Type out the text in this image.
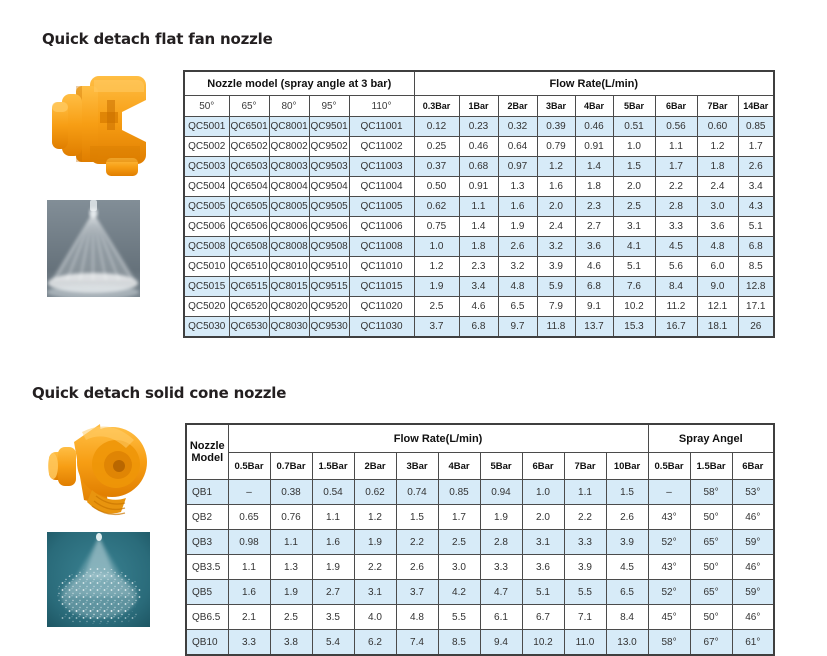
Quick detach flat fan nozzle
Nozzle model (spray angle at 3 bar)					Flow Rate(L/min)								
50°	65°	80°	95°	110°	0.3Bar	1Bar	2Bar	3Bar	4Bar	5Bar	6Bar	7Bar	14Bar
QC5001	QC6501	QC8001	QC9501	QC11001	0.12	0.23	0.32	0.39	0.46	0.51	0.56	0.60	0.85
QC5002	QC6502	QC8002	QC9502	QC11002	0.25	0.46	0.64	0.79	0.91	1.0	1.1	1.2	1.7
QC5003	QC6503	QC8003	QC9503	QC11003	0.37	0.68	0.97	1.2	1.4	1.5	1.7	1.8	2.6
QC5004	QC6504	QC8004	QC9504	QC11004	0.50	0.91	1.3	1.6	1.8	2.0	2.2	2.4	3.4
QC5005	QC6505	QC8005	QC9505	QC11005	0.62	1.1	1.6	2.0	2.3	2.5	2.8	3.0	4.3
QC5006	QC6506	QC8006	QC9506	QC11006	0.75	1.4	1.9	2.4	2.7	3.1	3.3	3.6	5.1
QC5008	QC6508	QC8008	QC9508	QC11008	1.0	1.8	2.6	3.2	3.6	4.1	4.5	4.8	6.8
QC5010	QC6510	QC8010	QC9510	QC11010	1.2	2.3	3.2	3.9	4.6	5.1	5.6	6.0	8.5
QC5015	QC6515	QC8015	QC9515	QC11015	1.9	3.4	4.8	5.9	6.8	7.6	8.4	9.0	12.8
QC5020	QC6520	QC8020	QC9520	QC11020	2.5	4.6	6.5	7.9	9.1	10.2	11.2	12.1	17.1
QC5030	QC6530	QC8030	QC9530	QC11030	3.7	6.8	9.7	11.8	13.7	15.3	16.7	18.1	26
Quick detach solid cone nozzle
Nozzle
Model	Flow Rate(L/min)										Spray Angel		
	0.5Bar	0.7Bar	1.5Bar	2Bar	3Bar	4Bar	5Bar	6Bar	7Bar	10Bar	0.5Bar	1.5Bar	6Bar
QB1	–	0.38	0.54	0.62	0.74	0.85	0.94	1.0	1.1	1.5	–	58°	53°
QB2	0.65	0.76	1.1	1.2	1.5	1.7	1.9	2.0	2.2	2.6	43°	50°	46°
QB3	0.98	1.1	1.6	1.9	2.2	2.5	2.8	3.1	3.3	3.9	52°	65°	59°
QB3.5	1.1	1.3	1.9	2.2	2.6	3.0	3.3	3.6	3.9	4.5	43°	50°	46°
QB5	1.6	1.9	2.7	3.1	3.7	4.2	4.7	5.1	5.5	6.5	52°	65°	59°
QB6.5	2.1	2.5	3.5	4.0	4.8	5.5	6.1	6.7	7.1	8.4	45°	50°	46°
QB10	3.3	3.8	5.4	6.2	7.4	8.5	9.4	10.2	11.0	13.0	58°	67°	61°
